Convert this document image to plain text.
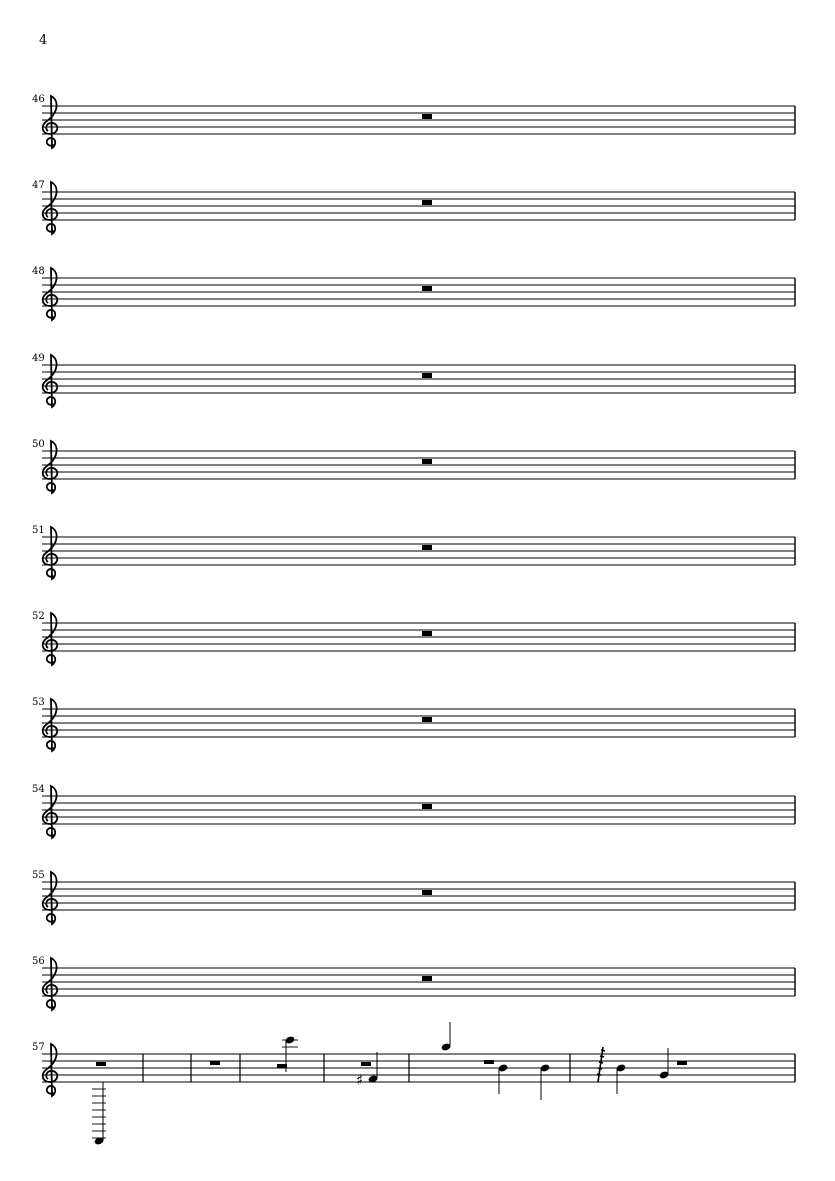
4
46
47
48
49
50
51
52
53
54
55
56
57
♯
